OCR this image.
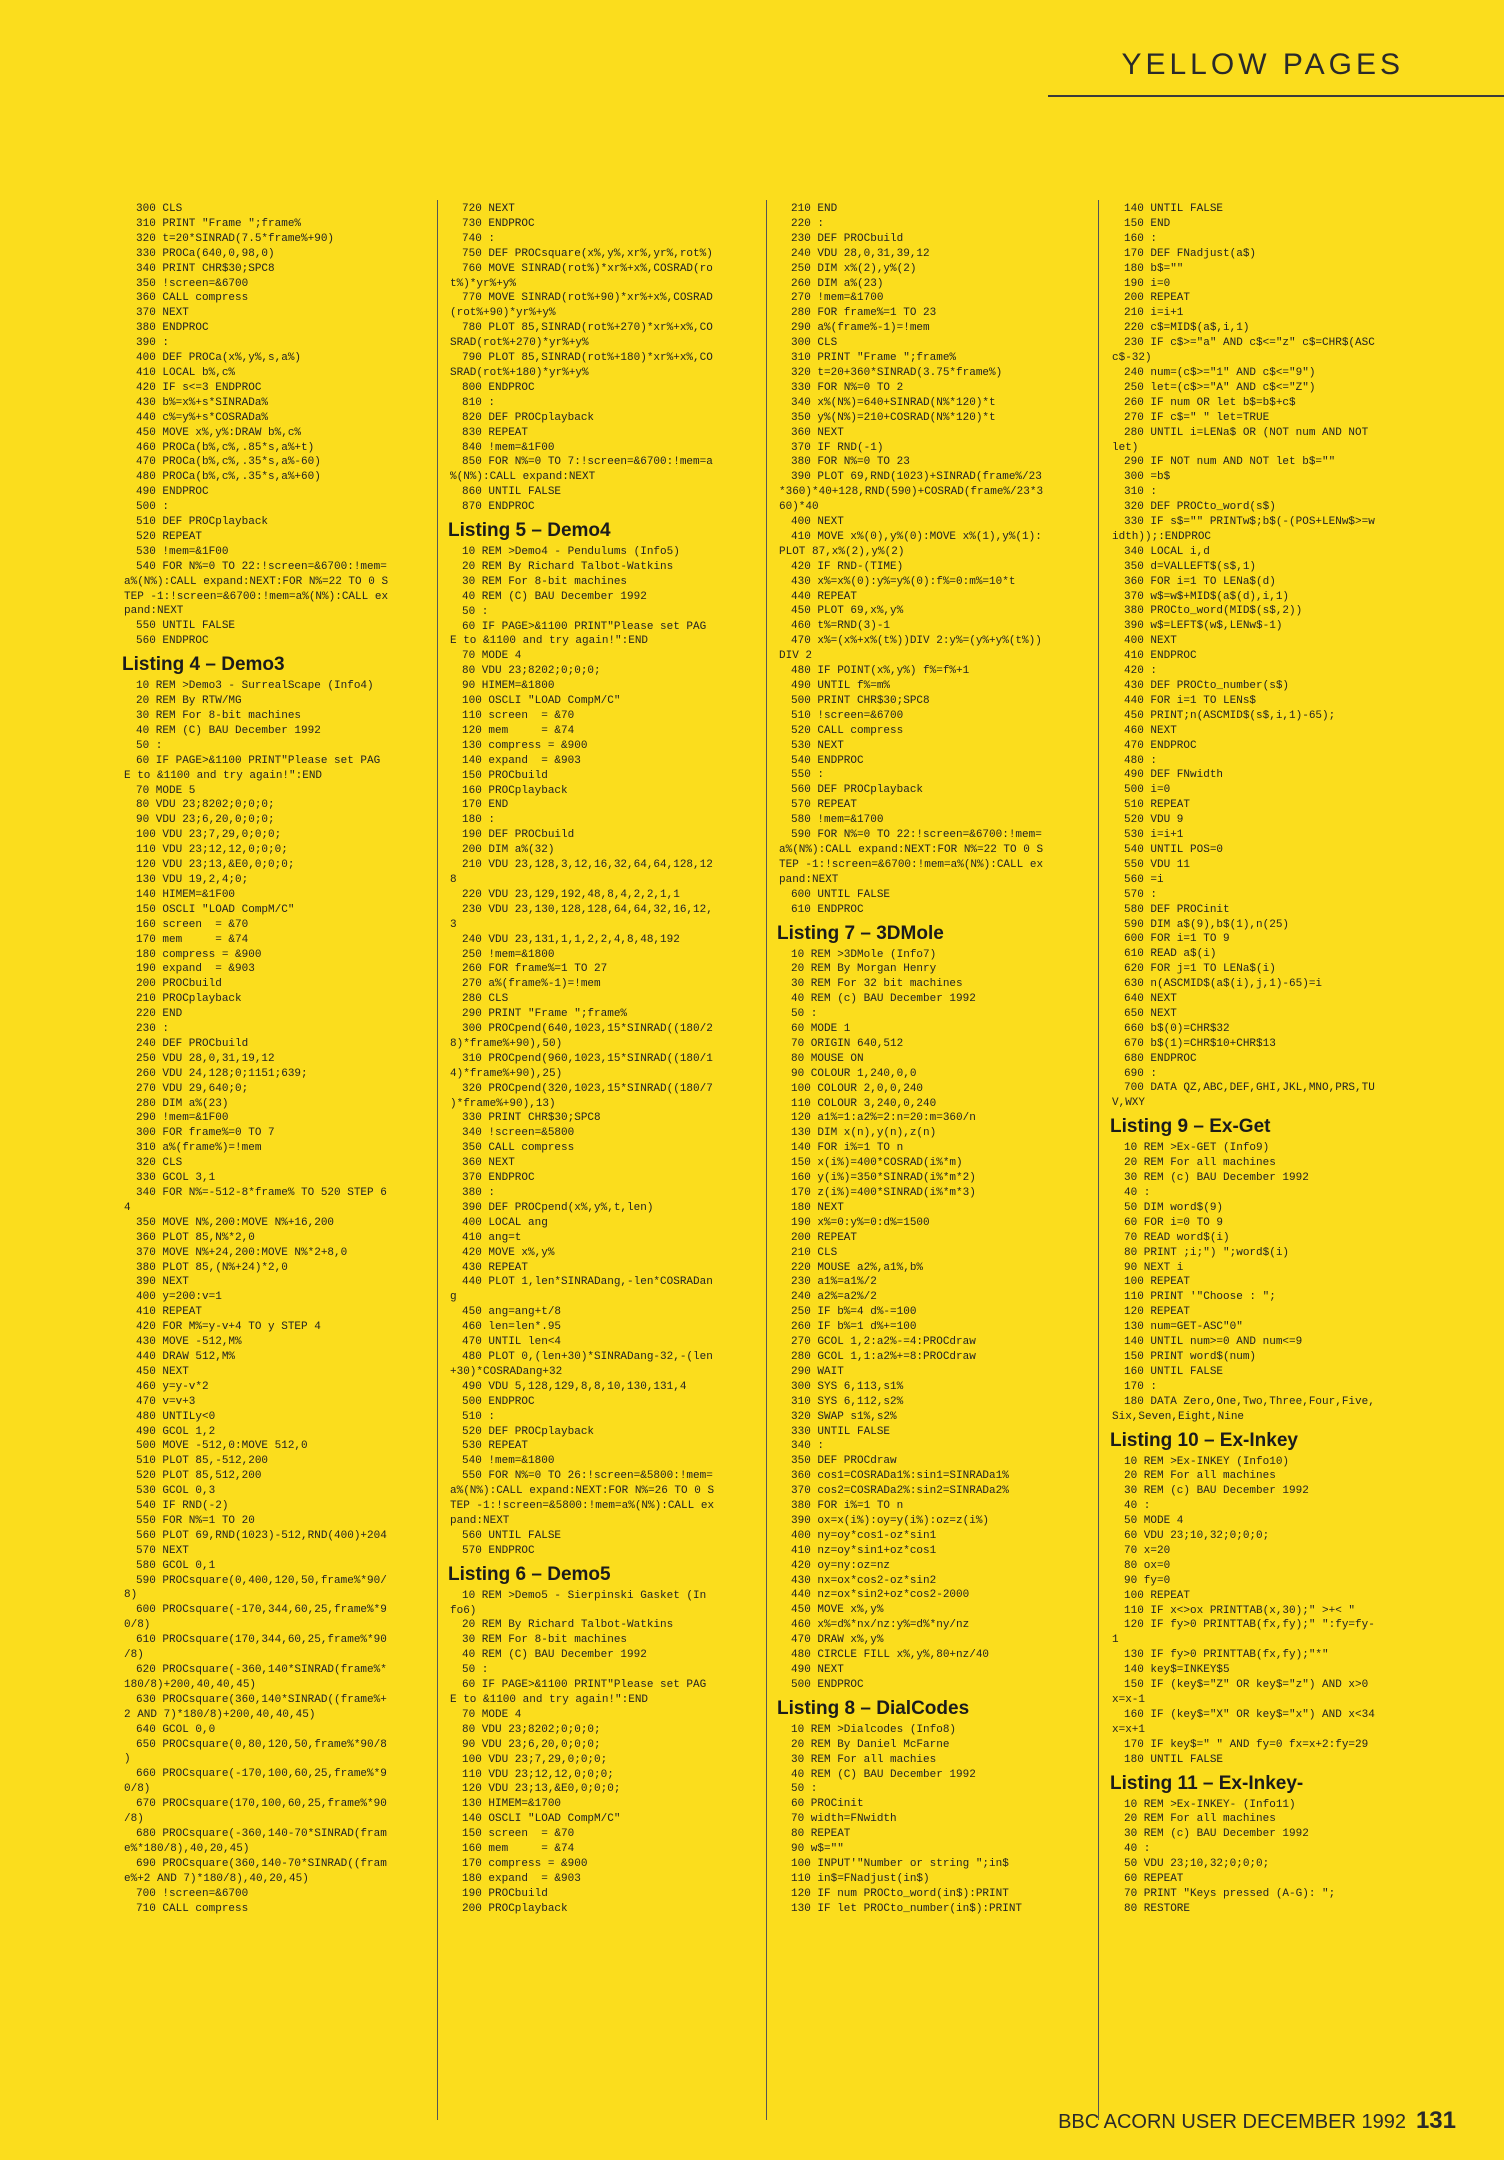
YELLOW PAGES
300 CLS
310 PRINT "Frame ";frame%
320 t=20*SINRAD(7.5*frame%+90)
330 PROCa(640,0,98,0)
340 PRINT CHR$30;SPC8
350 !screen=&6700
360 CALL compress
370 NEXT
380 ENDPROC
390 :
400 DEF PROCa(x%,y%,s,a%)
410 LOCAL b%,c%
420 IF s<=3 ENDPROC
430 b%=x%+s*SINRADa%
440 c%=y%+s*COSRADa%
450 MOVE x%,y%:DRAW b%,c%
460 PROCa(b%,c%,.85*s,a%+t)
470 PROCa(b%,c%,.35*s,a%-60)
480 PROCa(b%,c%,.35*s,a%+60)
490 ENDPROC
500 :
510 DEF PROCplayback
520 REPEAT
530 !mem=&1F00
540 FOR N%=0 TO 22:!screen=&6700:!mem=
a%(N%):CALL expand:NEXT:FOR N%=22 TO 0 S
TEP -1:!screen=&6700:!mem=a%(N%):CALL ex
pand:NEXT
550 UNTIL FALSE
560 ENDPROC
Listing 4 – Demo3
10 REM >Demo3 - SurrealScape (Info4)
20 REM By RTW/MG
30 REM For 8-bit machines
40 REM (C) BAU December 1992
50 :
60 IF PAGE>&1100 PRINT"Please set PAG
E to &1100 and try again!":END
70 MODE 5
80 VDU 23;8202;0;0;0;
90 VDU 23;6,20,0;0;0;
100 VDU 23;7,29,0;0;0;
110 VDU 23;12,12,0;0;0;
120 VDU 23;13,&E0,0;0;0;
130 VDU 19,2,4;0;
140 HIMEM=&1F00
150 OSCLI "LOAD CompM/C"
160 screen  = &70
170 mem     = &74
180 compress = &900
190 expand  = &903
200 PROCbuild
210 PROCplayback
220 END
230 :
240 DEF PROCbuild
250 VDU 28,0,31,19,12
260 VDU 24,128;0;1151;639;
270 VDU 29,640;0;
280 DIM a%(23)
290 !mem=&1F00
300 FOR frame%=0 TO 7
310 a%(frame%)=!mem
320 CLS
330 GCOL 3,1
340 FOR N%=-512-8*frame% TO 520 STEP 6
4
350 MOVE N%,200:MOVE N%+16,200
360 PLOT 85,N%*2,0
370 MOVE N%+24,200:MOVE N%*2+8,0
380 PLOT 85,(N%+24)*2,0
390 NEXT
400 y=200:v=1
410 REPEAT
420 FOR M%=y-v+4 TO y STEP 4
430 MOVE -512,M%
440 DRAW 512,M%
450 NEXT
460 y=y-v*2
470 v=v+3
480 UNTILy<0
490 GCOL 1,2
500 MOVE -512,0:MOVE 512,0
510 PLOT 85,-512,200
520 PLOT 85,512,200
530 GCOL 0,3
540 IF RND(-2)
550 FOR N%=1 TO 20
560 PLOT 69,RND(1023)-512,RND(400)+204
570 NEXT
580 GCOL 0,1
590 PROCsquare(0,400,120,50,frame%*90/
8)
600 PROCsquare(-170,344,60,25,frame%*9
0/8)
610 PROCsquare(170,344,60,25,frame%*90
/8)
620 PROCsquare(-360,140*SINRAD(frame%*
180/8)+200,40,40,45)
630 PROCsquare(360,140*SINRAD((frame%+
2 AND 7)*180/8)+200,40,40,45)
640 GCOL 0,0
650 PROCsquare(0,80,120,50,frame%*90/8
)
660 PROCsquare(-170,100,60,25,frame%*9
0/8)
670 PROCsquare(170,100,60,25,frame%*90
/8)
680 PROCsquare(-360,140-70*SINRAD(fram
e%*180/8),40,20,45)
690 PROCsquare(360,140-70*SINRAD((fram
e%+2 AND 7)*180/8),40,20,45)
700 !screen=&6700
710 CALL compress
720 NEXT
730 ENDPROC
740 :
750 DEF PROCsquare(x%,y%,xr%,yr%,rot%)
760 MOVE SINRAD(rot%)*xr%+x%,COSRAD(ro
t%)*yr%+y%
770 MOVE SINRAD(rot%+90)*xr%+x%,COSRAD
(rot%+90)*yr%+y%
780 PLOT 85,SINRAD(rot%+270)*xr%+x%,CO
SRAD(rot%+270)*yr%+y%
790 PLOT 85,SINRAD(rot%+180)*xr%+x%,CO
SRAD(rot%+180)*yr%+y%
800 ENDPROC
810 :
820 DEF PROCplayback
830 REPEAT
840 !mem=&1F00
850 FOR N%=0 TO 7:!screen=&6700:!mem=a
%(N%):CALL expand:NEXT
860 UNTIL FALSE
870 ENDPROC
Listing 5 – Demo4
10 REM >Demo4 - Pendulums (Info5)
20 REM By Richard Talbot-Watkins
30 REM For 8-bit machines
40 REM (C) BAU December 1992
50 :
60 IF PAGE>&1100 PRINT"Please set PAG
E to &1100 and try again!":END
70 MODE 4
80 VDU 23;8202;0;0;0;
90 HIMEM=&1800
100 OSCLI "LOAD CompM/C"
110 screen  = &70
120 mem     = &74
130 compress = &900
140 expand  = &903
150 PROCbuild
160 PROCplayback
170 END
180 :
190 DEF PROCbuild
200 DIM a%(32)
210 VDU 23,128,3,12,16,32,64,64,128,12
8
220 VDU 23,129,192,48,8,4,2,2,1,1
230 VDU 23,130,128,128,64,64,32,16,12,
3
240 VDU 23,131,1,1,2,2,4,8,48,192
250 !mem=&1800
260 FOR frame%=1 TO 27
270 a%(frame%-1)=!mem
280 CLS
290 PRINT "Frame ";frame%
300 PROCpend(640,1023,15*SINRAD((180/2
8)*frame%+90),50)
310 PROCpend(960,1023,15*SINRAD((180/1
4)*frame%+90),25)
320 PROCpend(320,1023,15*SINRAD((180/7
)*frame%+90),13)
330 PRINT CHR$30;SPC8
340 !screen=&5800
350 CALL compress
360 NEXT
370 ENDPROC
380 :
390 DEF PROCpend(x%,y%,t,len)
400 LOCAL ang
410 ang=t
420 MOVE x%,y%
430 REPEAT
440 PLOT 1,len*SINRADang,-len*COSRADan
g
450 ang=ang+t/8
460 len=len*.95
470 UNTIL len<4
480 PLOT 0,(len+30)*SINRADang-32,-(len
+30)*COSRADang+32
490 VDU 5,128,129,8,8,10,130,131,4
500 ENDPROC
510 :
520 DEF PROCplayback
530 REPEAT
540 !mem=&1800
550 FOR N%=0 TO 26:!screen=&5800:!mem=
a%(N%):CALL expand:NEXT:FOR N%=26 TO 0 S
TEP -1:!screen=&5800:!mem=a%(N%):CALL ex
pand:NEXT
560 UNTIL FALSE
570 ENDPROC
Listing 6 – Demo5
10 REM >Demo5 - Sierpinski Gasket (In
fo6)
20 REM By Richard Talbot-Watkins
30 REM For 8-bit machines
40 REM (C) BAU December 1992
50 :
60 IF PAGE>&1100 PRINT"Please set PAG
E to &1100 and try again!":END
70 MODE 4
80 VDU 23;8202;0;0;0;
90 VDU 23;6,20,0;0;0;
100 VDU 23;7,29,0;0;0;
110 VDU 23;12,12,0;0;0;
120 VDU 23;13,&E0,0;0;0;
130 HIMEM=&1700
140 OSCLI "LOAD CompM/C"
150 screen  = &70
160 mem     = &74
170 compress = &900
180 expand  = &903
190 PROCbuild
200 PROCplayback
210 END
220 :
230 DEF PROCbuild
240 VDU 28,0,31,39,12
250 DIM x%(2),y%(2)
260 DIM a%(23)
270 !mem=&1700
280 FOR frame%=1 TO 23
290 a%(frame%-1)=!mem
300 CLS
310 PRINT "Frame ";frame%
320 t=20+360*SINRAD(3.75*frame%)
330 FOR N%=0 TO 2
340 x%(N%)=640+SINRAD(N%*120)*t
350 y%(N%)=210+COSRAD(N%*120)*t
360 NEXT
370 IF RND(-1)
380 FOR N%=0 TO 23
390 PLOT 69,RND(1023)+SINRAD(frame%/23
*360)*40+128,RND(590)+COSRAD(frame%/23*3
60)*40
400 NEXT
410 MOVE x%(0),y%(0):MOVE x%(1),y%(1):
PLOT 87,x%(2),y%(2)
420 IF RND-(TIME)
430 x%=x%(0):y%=y%(0):f%=0:m%=10*t
440 REPEAT
450 PLOT 69,x%,y%
460 t%=RND(3)-1
470 x%=(x%+x%(t%))DIV 2:y%=(y%+y%(t%))
DIV 2
480 IF POINT(x%,y%) f%=f%+1
490 UNTIL f%=m%
500 PRINT CHR$30;SPC8
510 !screen=&6700
520 CALL compress
530 NEXT
540 ENDPROC
550 :
560 DEF PROCplayback
570 REPEAT
580 !mem=&1700
590 FOR N%=0 TO 22:!screen=&6700:!mem=
a%(N%):CALL expand:NEXT:FOR N%=22 TO 0 S
TEP -1:!screen=&6700:!mem=a%(N%):CALL ex
pand:NEXT
600 UNTIL FALSE
610 ENDPROC
Listing 7 – 3DMole
10 REM >3DMole (Info7)
20 REM By Morgan Henry
30 REM For 32 bit machines
40 REM (c) BAU December 1992
50 :
60 MODE 1
70 ORIGIN 640,512
80 MOUSE ON
90 COLOUR 1,240,0,0
100 COLOUR 2,0,0,240
110 COLOUR 3,240,0,240
120 a1%=1:a2%=2:n=20:m=360/n
130 DIM x(n),y(n),z(n)
140 FOR i%=1 TO n
150 x(i%)=400*COSRAD(i%*m)
160 y(i%)=350*SINRAD(i%*m*2)
170 z(i%)=400*SINRAD(i%*m*3)
180 NEXT
190 x%=0:y%=0:d%=1500
200 REPEAT
210 CLS
220 MOUSE a2%,a1%,b%
230 a1%=a1%/2
240 a2%=a2%/2
250 IF b%=4 d%-=100
260 IF b%=1 d%+=100
270 GCOL 1,2:a2%-=4:PROCdraw
280 GCOL 1,1:a2%+=8:PROCdraw
290 WAIT
300 SYS 6,113,s1%
310 SYS 6,112,s2%
320 SWAP s1%,s2%
330 UNTIL FALSE
340 :
350 DEF PROCdraw
360 cos1=COSRADa1%:sin1=SINRADa1%
370 cos2=COSRADa2%:sin2=SINRADa2%
380 FOR i%=1 TO n
390 ox=x(i%):oy=y(i%):oz=z(i%)
400 ny=oy*cos1-oz*sin1
410 nz=oy*sin1+oz*cos1
420 oy=ny:oz=nz
430 nx=ox*cos2-oz*sin2
440 nz=ox*sin2+oz*cos2-2000
450 MOVE x%,y%
460 x%=d%*nx/nz:y%=d%*ny/nz
470 DRAW x%,y%
480 CIRCLE FILL x%,y%,80+nz/40
490 NEXT
500 ENDPROC
Listing 8 – DialCodes
10 REM >Dialcodes (Info8)
20 REM By Daniel McFarne
30 REM For all machies
40 REM (C) BAU December 1992
50 :
60 PROCinit
70 width=FNwidth
80 REPEAT
90 w$=""
100 INPUT'"Number or string ";in$
110 in$=FNadjust(in$)
120 IF num PROCto_word(in$):PRINT
130 IF let PROCto_number(in$):PRINT
140 UNTIL FALSE
150 END
160 :
170 DEF FNadjust(a$)
180 b$=""
190 i=0
200 REPEAT
210 i=i+1
220 c$=MID$(a$,i,1)
230 IF c$>="a" AND c$<="z" c$=CHR$(ASC
c$-32)
240 num=(c$>="1" AND c$<="9")
250 let=(c$>="A" AND c$<="Z")
260 IF num OR let b$=b$+c$
270 IF c$=" " let=TRUE
280 UNTIL i=LENa$ OR (NOT num AND NOT
let)
290 IF NOT num AND NOT let b$=""
300 =b$
310 :
320 DEF PROCto_word(s$)
330 IF s$="" PRINTw$;b$(-(POS+LENw$>=w
idth));:ENDPROC
340 LOCAL i,d
350 d=VALLEFT$(s$,1)
360 FOR i=1 TO LENa$(d)
370 w$=w$+MID$(a$(d),i,1)
380 PROCto_word(MID$(s$,2))
390 w$=LEFT$(w$,LENw$-1)
400 NEXT
410 ENDPROC
420 :
430 DEF PROCto_number(s$)
440 FOR i=1 TO LENs$
450 PRINT;n(ASCMID$(s$,i,1)-65);
460 NEXT
470 ENDPROC
480 :
490 DEF FNwidth
500 i=0
510 REPEAT
520 VDU 9
530 i=i+1
540 UNTIL POS=0
550 VDU 11
560 =i
570 :
580 DEF PROCinit
590 DIM a$(9),b$(1),n(25)
600 FOR i=1 TO 9
610 READ a$(i)
620 FOR j=1 TO LENa$(i)
630 n(ASCMID$(a$(i),j,1)-65)=i
640 NEXT
650 NEXT
660 b$(0)=CHR$32
670 b$(1)=CHR$10+CHR$13
680 ENDPROC
690 :
700 DATA QZ,ABC,DEF,GHI,JKL,MNO,PRS,TU
V,WXY
Listing 9 – Ex-Get
10 REM >Ex-GET (Info9)
20 REM For all machines
30 REM (c) BAU December 1992
40 :
50 DIM word$(9)
60 FOR i=0 TO 9
70 READ word$(i)
80 PRINT ;i;") ";word$(i)
90 NEXT i
100 REPEAT
110 PRINT '"Choose : ";
120 REPEAT
130 num=GET-ASC"0"
140 UNTIL num>=0 AND num<=9
150 PRINT word$(num)
160 UNTIL FALSE
170 :
180 DATA Zero,One,Two,Three,Four,Five,
Six,Seven,Eight,Nine
Listing 10 – Ex-Inkey
10 REM >Ex-INKEY (Info10)
20 REM For all machines
30 REM (c) BAU December 1992
40 :
50 MODE 4
60 VDU 23;10,32;0;0;0;
70 x=20
80 ox=0
90 fy=0
100 REPEAT
110 IF x<>ox PRINTTAB(x,30);" >+< "
120 IF fy>0 PRINTTAB(fx,fy);" ":fy=fy-
1
130 IF fy>0 PRINTTAB(fx,fy);"*"
140 key$=INKEY$5
150 IF (key$="Z" OR key$="z") AND x>0
x=x-1
160 IF (key$="X" OR key$="x") AND x<34
x=x+1
170 IF key$=" " AND fy=0 fx=x+2:fy=29
180 UNTIL FALSE
Listing 11 – Ex-Inkey-
10 REM >Ex-INKEY- (Info11)
20 REM For all machines
30 REM (c) BAU December 1992
40 :
50 VDU 23;10,32;0;0;0;
60 REPEAT
70 PRINT "Keys pressed (A-G): ";
80 RESTORE
BBC ACORN USER DECEMBER 1992 131
